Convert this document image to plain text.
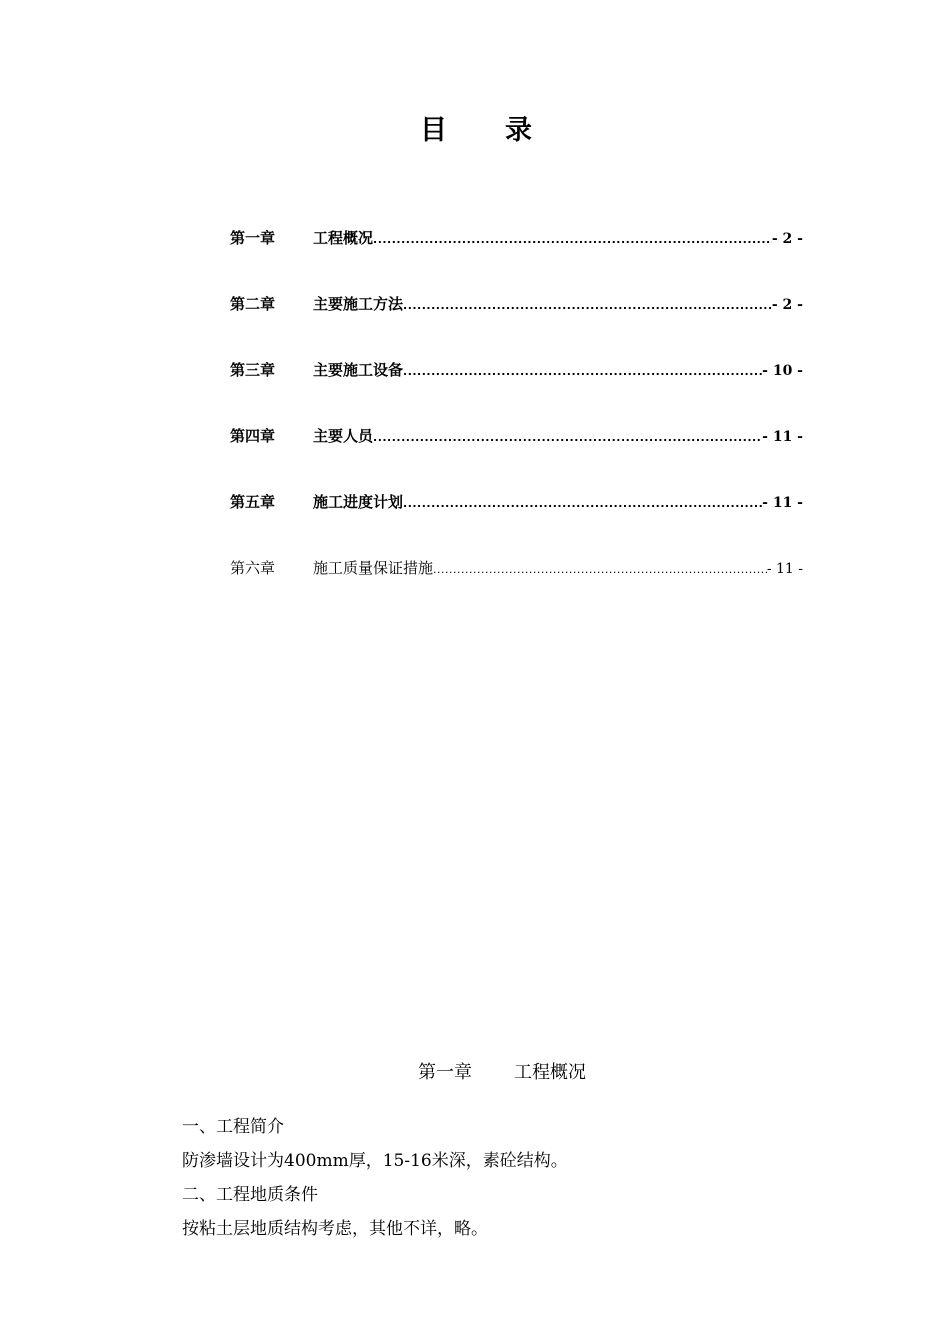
目录
第一章	工程概况 .....	- 2 -
第二章	主要施工方法 .....	- 2 -
第三章	主要施工设备 .....	- 10 -
第四章	主要人员 .....	- 11 -
第五章	施工进度计划 .....	- 11 -
第六章	施工质量保证措施 .....	- 11 -
第一章 工程概况

一、工程简介

防渗墙设计为400mm厚，15-16米深，素砼结构。

二、工程地质条件

按粘土层地质结构考虑，其他不详，略。
